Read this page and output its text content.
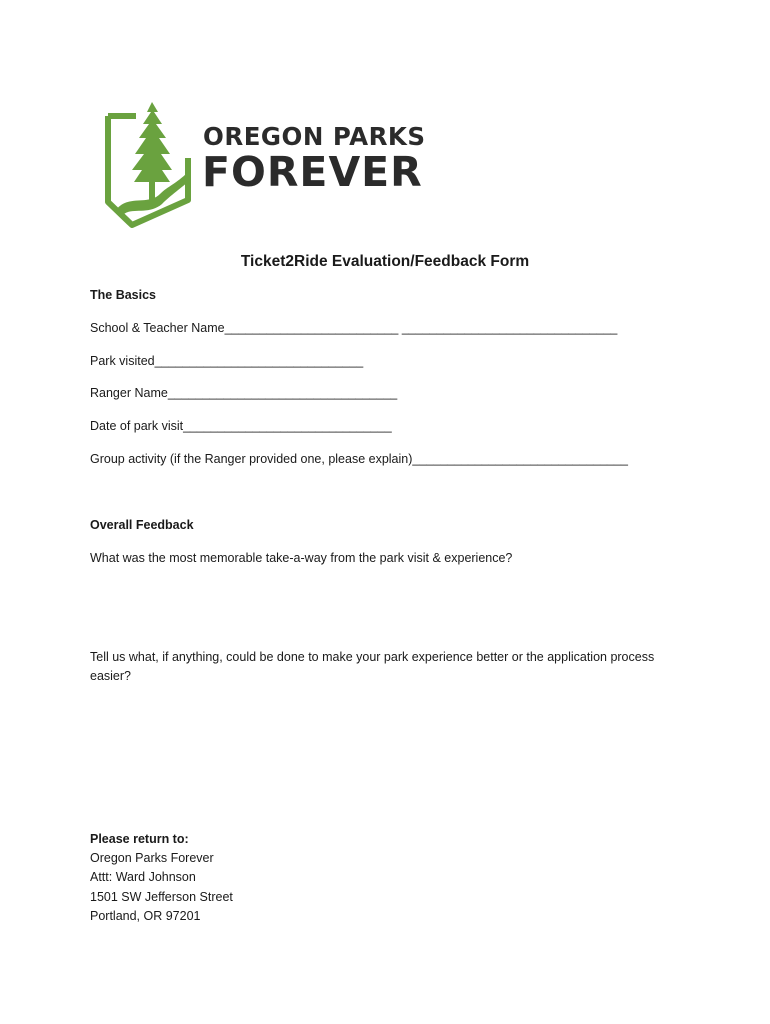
OREGON PARKS
FOREVER
Ticket2Ride Evaluation/Feedback Form
The Basics
School & Teacher Name_________________________ _______________________________
Park visited______________________________
Ranger Name_________________________________
Date of park visit______________________________
Group activity (if the Ranger provided one, please explain)_______________________________
Overall Feedback
What was the most memorable take-a-way from the park visit & experience?
Tell us what, if anything, could be done to make your park experience better or the application process easier?
Please return to:
Oregon Parks Forever
Attt: Ward Johnson
1501 SW Jefferson Street
Portland, OR 97201
